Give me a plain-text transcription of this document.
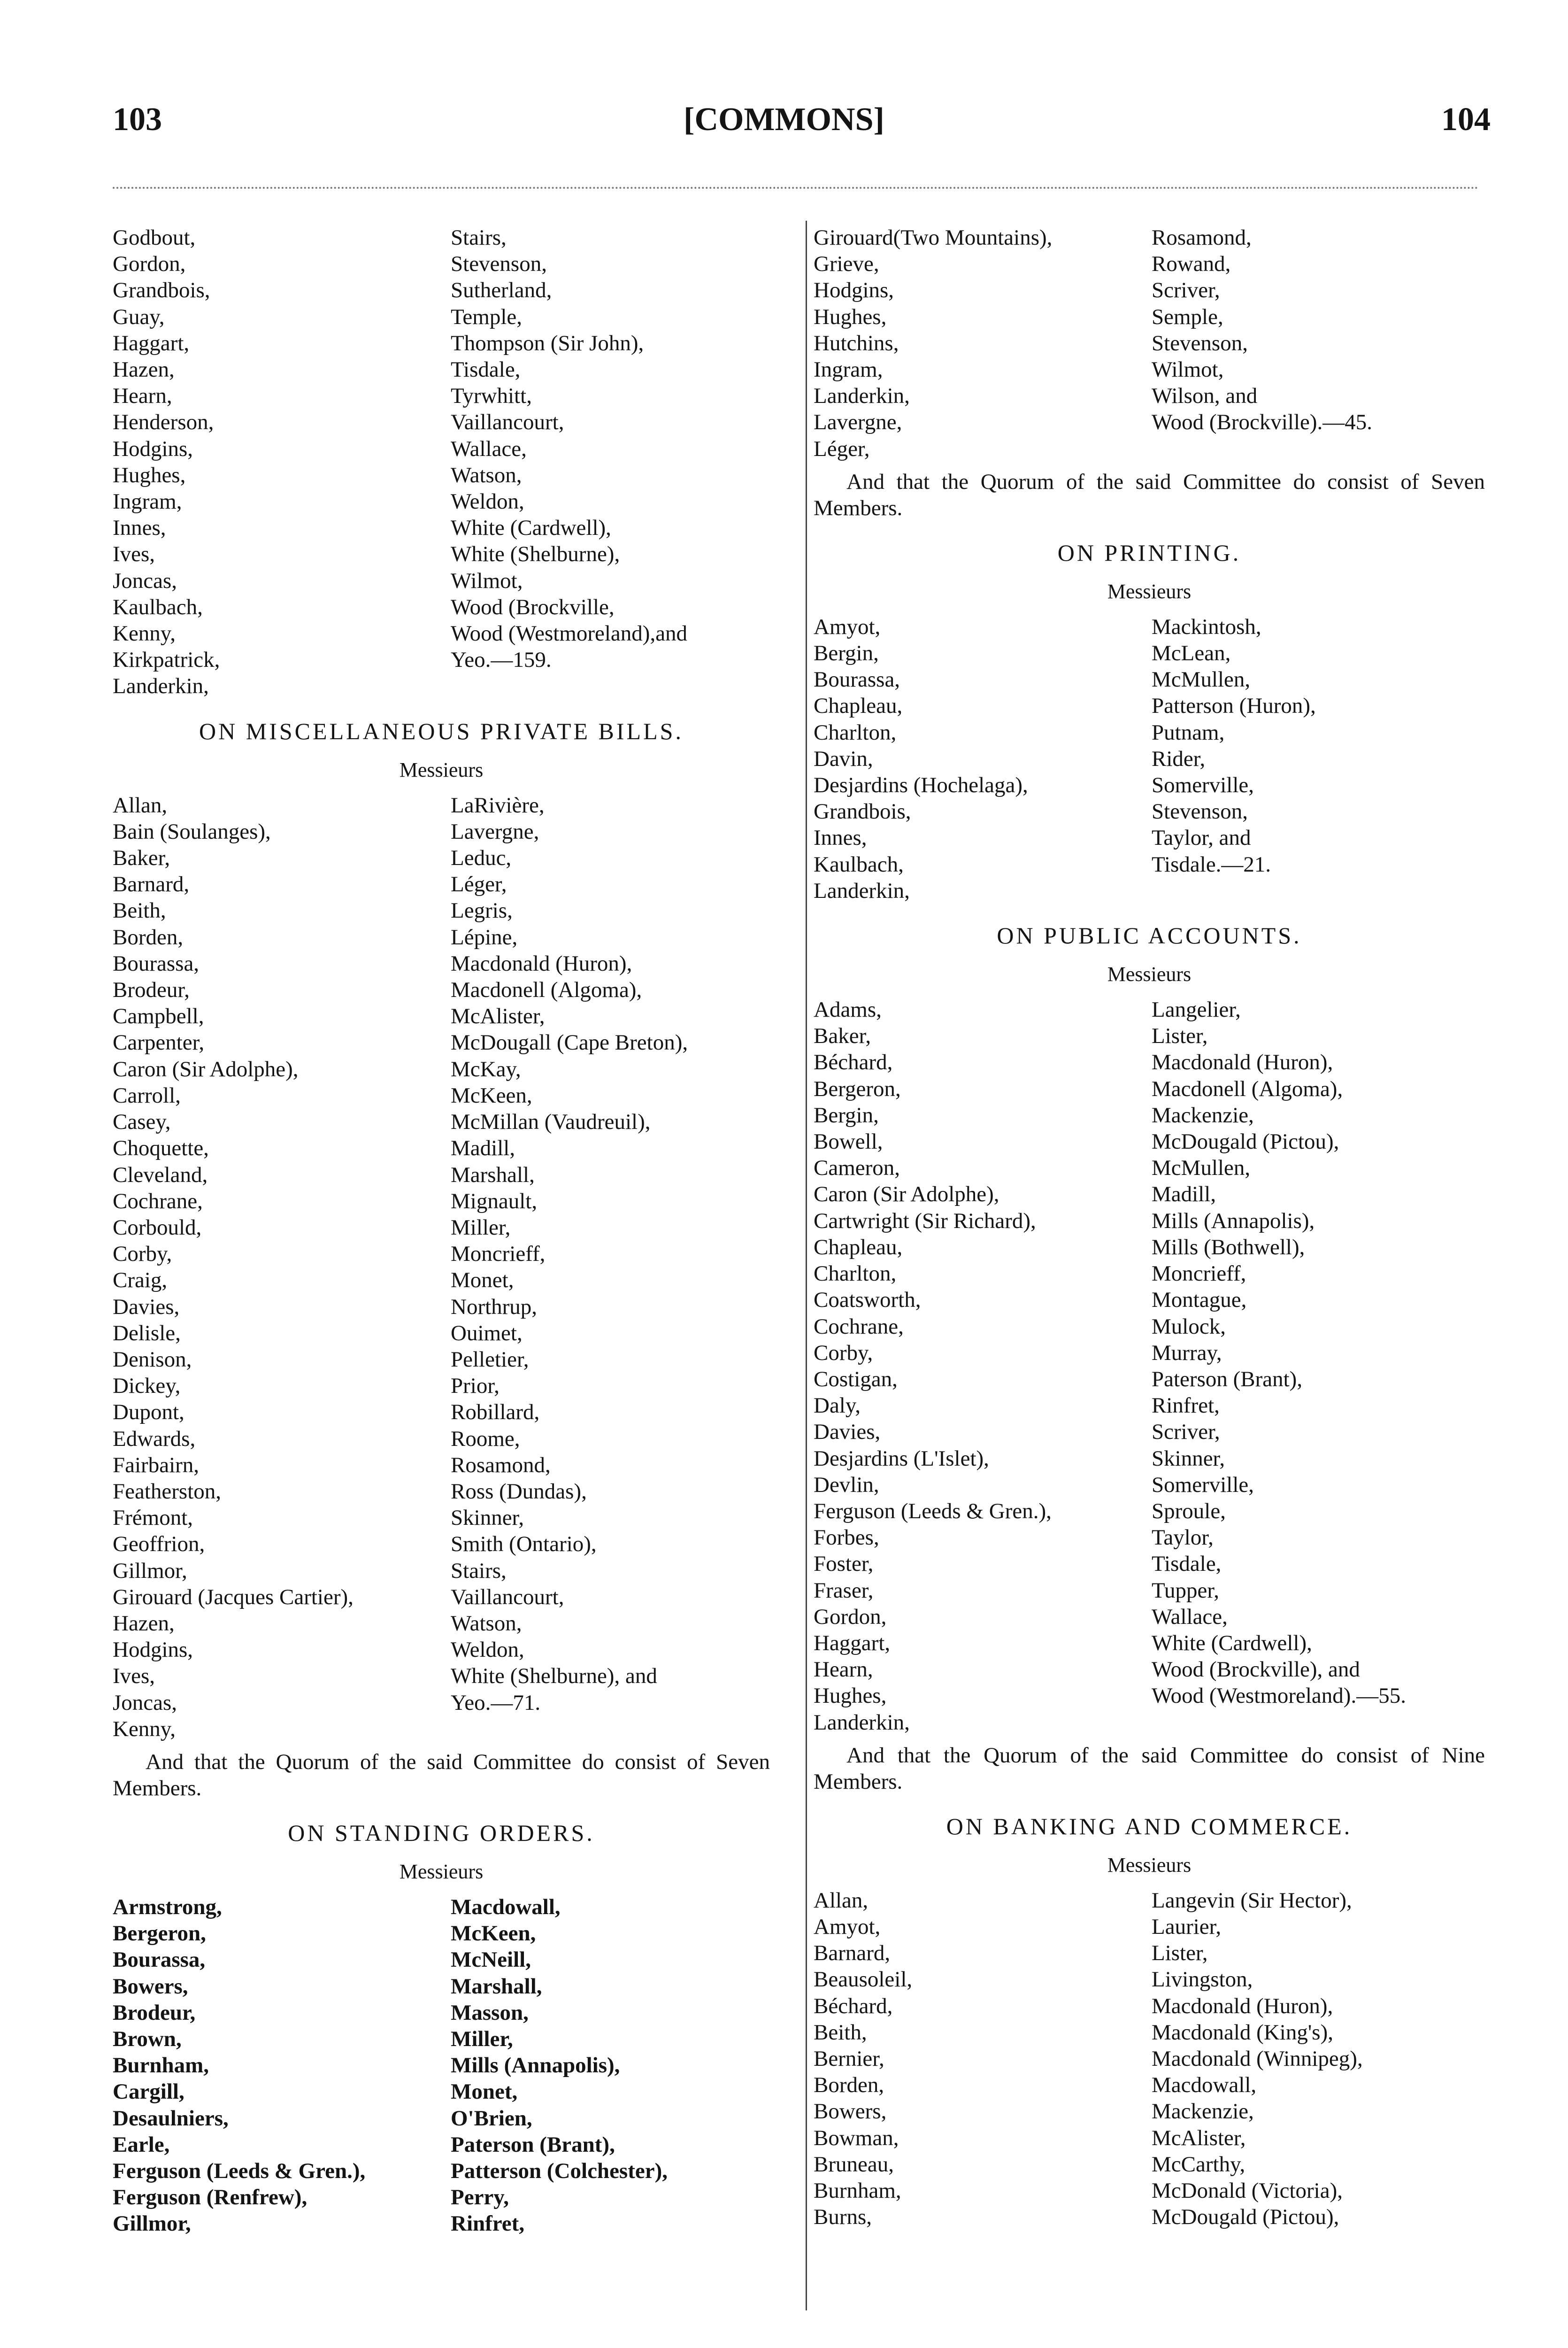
103	[COMMONS]	104
Godbout,
Gordon,
Grandbois,
Guay,
Haggart,
Hazen,
Hearn,
Henderson,
Hodgins,
Hughes,
Ingram,
Innes,
Ives,
Joncas,
Kaulbach,
Kenny,
Kirkpatrick,
Landerkin,
Stairs,
Stevenson,
Sutherland,
Temple,
Thompson (Sir John),
Tisdale,
Tyrwhitt,
Vaillancourt,
Wallace,
Watson,
Weldon,
White (Cardwell),
White (Shelburne),
Wilmot,
Wood (Brockville,
Wood (Westmoreland),and
Yeo.—159.
ON MISCELLANEOUS PRIVATE BILLS.
Messieurs
Allan,
Bain (Soulanges),
Baker,
Barnard,
Beith,
Borden,
Bourassa,
Brodeur,
Campbell,
Carpenter,
Caron (Sir Adolphe),
Carroll,
Casey,
Choquette,
Cleveland,
Cochrane,
Corbould,
Corby,
Craig,
Davies,
Delisle,
Denison,
Dickey,
Dupont,
Edwards,
Fairbairn,
Featherston,
Frémont,
Geoffrion,
Gillmor,
Girouard (Jacques Cartier),
Hazen,
Hodgins,
Ives,
Joncas,
Kenny,
LaRivière,
Lavergne,
Leduc,
Léger,
Legris,
Lépine,
Macdonald (Huron),
Macdonell (Algoma),
McAlister,
McDougall (Cape Breton),
McKay,
McKeen,
McMillan (Vaudreuil),
Madill,
Marshall,
Mignault,
Miller,
Moncrieff,
Monet,
Northrup,
Ouimet,
Pelletier,
Prior,
Robillard,
Roome,
Rosamond,
Ross (Dundas),
Skinner,
Smith (Ontario),
Stairs,
Vaillancourt,
Watson,
Weldon,
White (Shelburne), and
Yeo.—71.
And that the Quorum of the said Committee do consist of Seven Members.
ON STANDING ORDERS.
Messieurs
Armstrong,
Bergeron,
Bourassa,
Bowers,
Brodeur,
Brown,
Burnham,
Cargill,
Desaulniers,
Earle,
Ferguson (Leeds & Gren.),
Ferguson (Renfrew),
Gillmor,
Macdowall,
McKeen,
McNeill,
Marshall,
Masson,
Miller,
Mills (Annapolis),
Monet,
O'Brien,
Paterson (Brant),
Patterson (Colchester),
Perry,
Rinfret,
Girouard(Two Mountains),
Grieve,
Hodgins,
Hughes,
Hutchins,
Ingram,
Landerkin,
Lavergne,
Léger,
Rosamond,
Rowand,
Scriver,
Semple,
Stevenson,
Wilmot,
Wilson, and
Wood (Brockville).—45.
And that the Quorum of the said Committee do consist of Seven Members.
ON PRINTING.
Messieurs
Amyot,
Bergin,
Bourassa,
Chapleau,
Charlton,
Davin,
Desjardins (Hochelaga),
Grandbois,
Innes,
Kaulbach,
Landerkin,
Mackintosh,
McLean,
McMullen,
Patterson (Huron),
Putnam,
Rider,
Somerville,
Stevenson,
Taylor, and
Tisdale.—21.
ON PUBLIC ACCOUNTS.
Messieurs
Adams,
Baker,
Béchard,
Bergeron,
Bergin,
Bowell,
Cameron,
Caron (Sir Adolphe),
Cartwright (Sir Richard),
Chapleau,
Charlton,
Coatsworth,
Cochrane,
Corby,
Costigan,
Daly,
Davies,
Desjardins (L'Islet),
Devlin,
Ferguson (Leeds & Gren.),
Forbes,
Foster,
Fraser,
Gordon,
Haggart,
Hearn,
Hughes,
Landerkin,
Langelier,
Lister,
Macdonald (Huron),
Macdonell (Algoma),
Mackenzie,
McDougald (Pictou),
McMullen,
Madill,
Mills (Annapolis),
Mills (Bothwell),
Moncrieff,
Montague,
Mulock,
Murray,
Paterson (Brant),
Rinfret,
Scriver,
Skinner,
Somerville,
Sproule,
Taylor,
Tisdale,
Tupper,
Wallace,
White (Cardwell),
Wood (Brockville), and
Wood (Westmoreland).—55.
And that the Quorum of the said Committee do consist of Nine Members.
ON BANKING AND COMMERCE.
Messieurs
Allan,
Amyot,
Barnard,
Beausoleil,
Béchard,
Beith,
Bernier,
Borden,
Bowers,
Bowman,
Bruneau,
Burnham,
Burns,
Langevin (Sir Hector),
Laurier,
Lister,
Livingston,
Macdonald (Huron),
Macdonald (King's),
Macdonald (Winnipeg),
Macdowall,
Mackenzie,
McAlister,
McCarthy,
McDonald (Victoria),
McDougald (Pictou),
